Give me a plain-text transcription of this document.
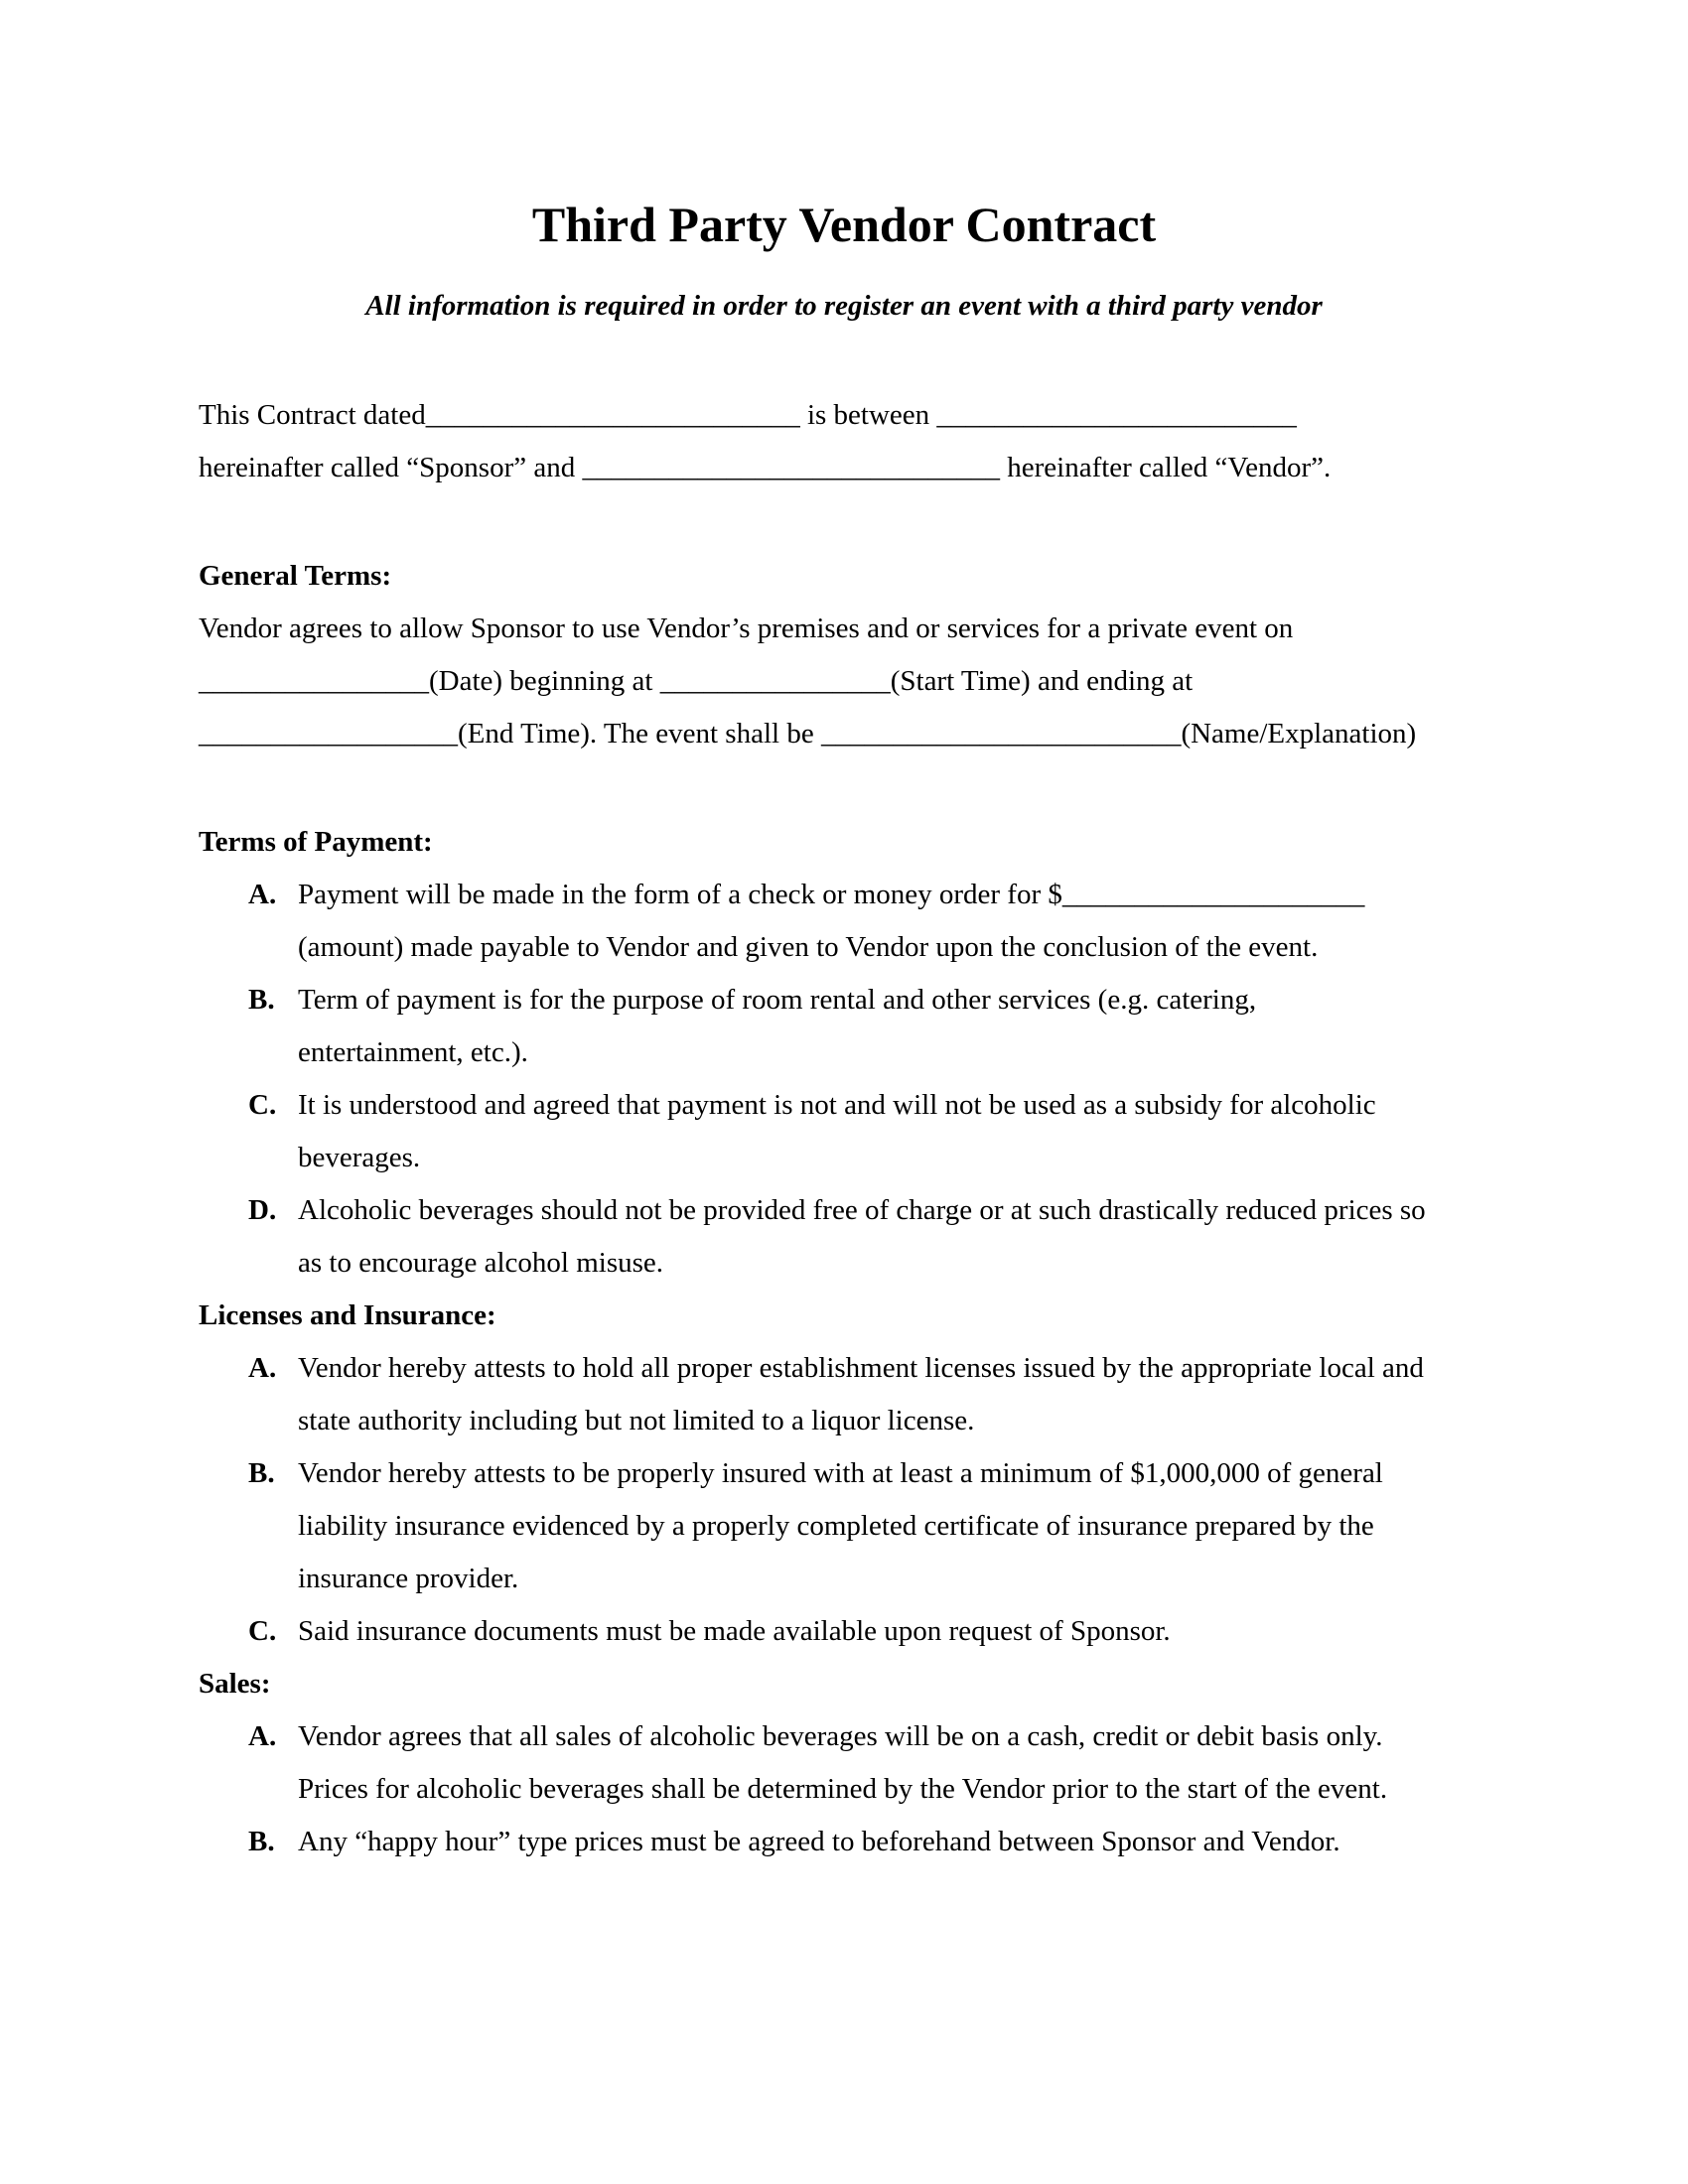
Third Party Vendor Contract

All information is required in order to register an event with a third party vendor

This Contract dated__________________________ is between _________________________

hereinafter called “Sponsor” and _____________________________ hereinafter called “Vendor”.

General Terms:

Vendor agrees to allow Sponsor to use Vendor’s premises and or services for a private event on

________________(Date) beginning at ________________(Start Time) and ending at

__________________(End Time). The event shall be _________________________(Name/Explanation)

Terms of Payment:

A. Payment will be made in the form of a check or money order for $_____________________
(amount) made payable to Vendor and given to Vendor upon the conclusion of the event.
B. Term of payment is for the purpose of room rental and other services (e.g. catering,
entertainment, etc.).
C. It is understood and agreed that payment is not and will not be used as a subsidy for alcoholic
beverages.
D. Alcoholic beverages should not be provided free of charge or at such drastically reduced prices so
as to encourage alcohol misuse.

Licenses and Insurance:

A. Vendor hereby attests to hold all proper establishment licenses issued by the appropriate local and
state authority including but not limited to a liquor license.
B. Vendor hereby attests to be properly insured with at least a minimum of $1,000,000 of general
liability insurance evidenced by a properly completed certificate of insurance prepared by the
insurance provider.
C. Said insurance documents must be made available upon request of Sponsor.

Sales:

A. Vendor agrees that all sales of alcoholic beverages will be on a cash, credit or debit basis only.
Prices for alcoholic beverages shall be determined by the Vendor prior to the start of the event.
B. Any “happy hour” type prices must be agreed to beforehand between Sponsor and Vendor.
